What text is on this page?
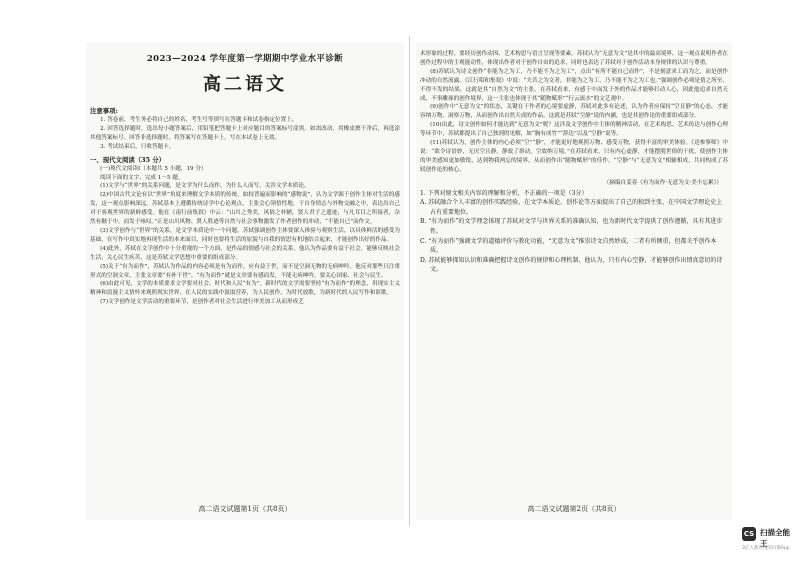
2023—2024 学年度第一学期期中学业水平诊断
高二语文
注意事项:
1. 答卷前，考生务必将自己的姓名、考生号等填写在答题卡和试卷指定位置上。
2. 回答选择题时，选出每小题答案后，用铅笔把答题卡上对应题目的答案标号涂黑。如需改动，用橡皮擦干净后，再选涂其他答案标号。回答非选择题时，将答案写在答题卡上，写在本试卷上无效。
3. 考试结束后，只收答题卡。
一、现代文阅读（35 分）
(一)现代文阅读Ⅰ（本题共 5 小题，19 分）
阅读下面的文字，完成 1～5 题。
(1)文学与“世界”的关系问题，是文学为什么而作，为什么人而写，关涉文学本质论。
(2)中国古代文论有以“世界”角度来理解文学本质的传统，如较普遍而影响的“感物说”，认为文学源于创作主体对生活的感发，这一观点影响深远。苏轼基本上遵循传统诗学中心论观点，主张会心领悟性地，于自身情志与外物交融之中，表达出自己对于客观世界的新鲜感受。他在《南行前集叙》中云：“山川之秀美，风俗之朴陋，贤人君子之遗迹，与凡耳目之所接者，杂然有触于中，而发于咏叹。”正是山川风物、贤人胜迹等自然与社会事物激发了作者创作的冲动，“不能自已”而作文。
(3)文学创作与“世界”的关系，是文学本质论中一个问题。苏轼强调创作主体要深入体验与观察生活，以具体鲜活的感受为基础，在写作中真实地再现生活的本来面目，同时也要将生活的原貌与自我的情思有机地结合起来，才能创作出好的作品。
(4)此外，苏轼在文学创作中十分重视的一个方面，是作品的情感与社会的关系，他认为作品要有益于社会，能够反映社会生活，关心民生疾苦，这是苏轼文学思想中重要的组成部分。
(5)关于“有为而作”，苏轼认为作品的内容必须是有为而作，应有益于世，而不是空洞无物的无病呻吟，他反对那些只注重形式的空洞文章，主张文章要“有补于世”。“有为而作”就是文章要有感而发，不能无病呻吟，要关心国家、社会与民生。
(6)由此可见，文学的本质要求文学要对社会、时代和人民“有为”。新时代的文学需要坚持“有为而作”的理念，用现实主义精神和浪漫主义情怀来观照现实世界，在人民的实践中汲取营养，为人民创作，为时代放歌，为新时代的人民写作和讴歌。
(7)文学创作是文学活动的重要环节，是创作者对社会生活进行审美加工从而形成艺
高二语文试题第1页（共8页）
术形象的过程。要经历创作动因、艺术构思与语言呈现等要素。苏轼认为“无意为文”是其中的最高境界，这一观点说明作者在创作过程中的主观能动性，体现出作者对于创作自由的追求，同时也表达了苏轼对于创作活动本身规律的认识与尊重。
(8)苏轼认为诗文创作“非能为之为工，乃不能不为之为工”，点出“有所不能自已而作”，不是刻意求工而为之，而是创作冲动的自然流露。《江行唱和集叙》中说：“夫昔之为文者，非能为之为工，乃不能不为之为工也。”强调创作必须是情之所至、不得不发的结果，这就是其“自然为文”的主张。在苏轼看来，有感于中而发于外的作品才能够打动人心，因此他追求自然天成、不事雕琢的创作境界，这一主张也体现于其“随物赋形”“行云流水”的文艺观中。
(9)创作中“无意为文”的状态，关键在于作者的心境要虚静，苏轼对此多有论述，认为作者应保持“空且静”的心态，才能容纳万物、洞察万物，从而创作出自然天成的作品。这就是苏轼“空静”说的内涵，也是其创作论的重要组成部分。
(10)由此，诗文创作如何才能达到“无意为文”呢？这涉及文学创作中主体的精神活动，在艺术构思、艺术传达与创作心理等环节中，苏轼都提出了自己独到的见解，如“胸有成竹”“辞达”以及“空静”说等。
(11)苏轼认为，创作主体的内心必须“空”“静”，才能更好地观照万物、感受万物，获得丰富的审美体验。《送参寥师》中说：“欲令诗语妙，无厌空且静。静故了群动，空故纳万境。”在苏轼看来，只有内心虚静，才能摆脱世俗的干扰，使创作主体的审美感知更加敏锐，达到物我两忘的境界，从而创作出“随物赋形”的佳作。“空静”与“无意为文”相辅相成，共同构成了苏轼创作论的核心。
（摘编自姜春《有为而作·无意为文·美丰忘累》）
1. 下列对原文相关内容的理解和分析，不正确的一项是（3分）
A. 苏轼融合个人丰富的创作实践经验，在文学本质论、创作论等方面提出了自己的独到主张，在中国文学理论史上占有重要地位。
B. “有为而作”的文学理念体现了苏轼对文学与世界关系的准确认知，也为新时代文学提供了创作遵循，具有其进步性。
C. “有为而作”强调文学的道德评价与教化功能，“无意为文”推崇诗文自然妙成，二者有所侧重，但都关乎创作本质。
D. 苏轼能够探知认识和准确把握诗文创作的规律和心理机制，他认为，只有内心空静，才能够创作出情真意切的诗文。
高二语文试题第2页（共8页）
CS 扫描全能王
3亿人都在用的扫描App
